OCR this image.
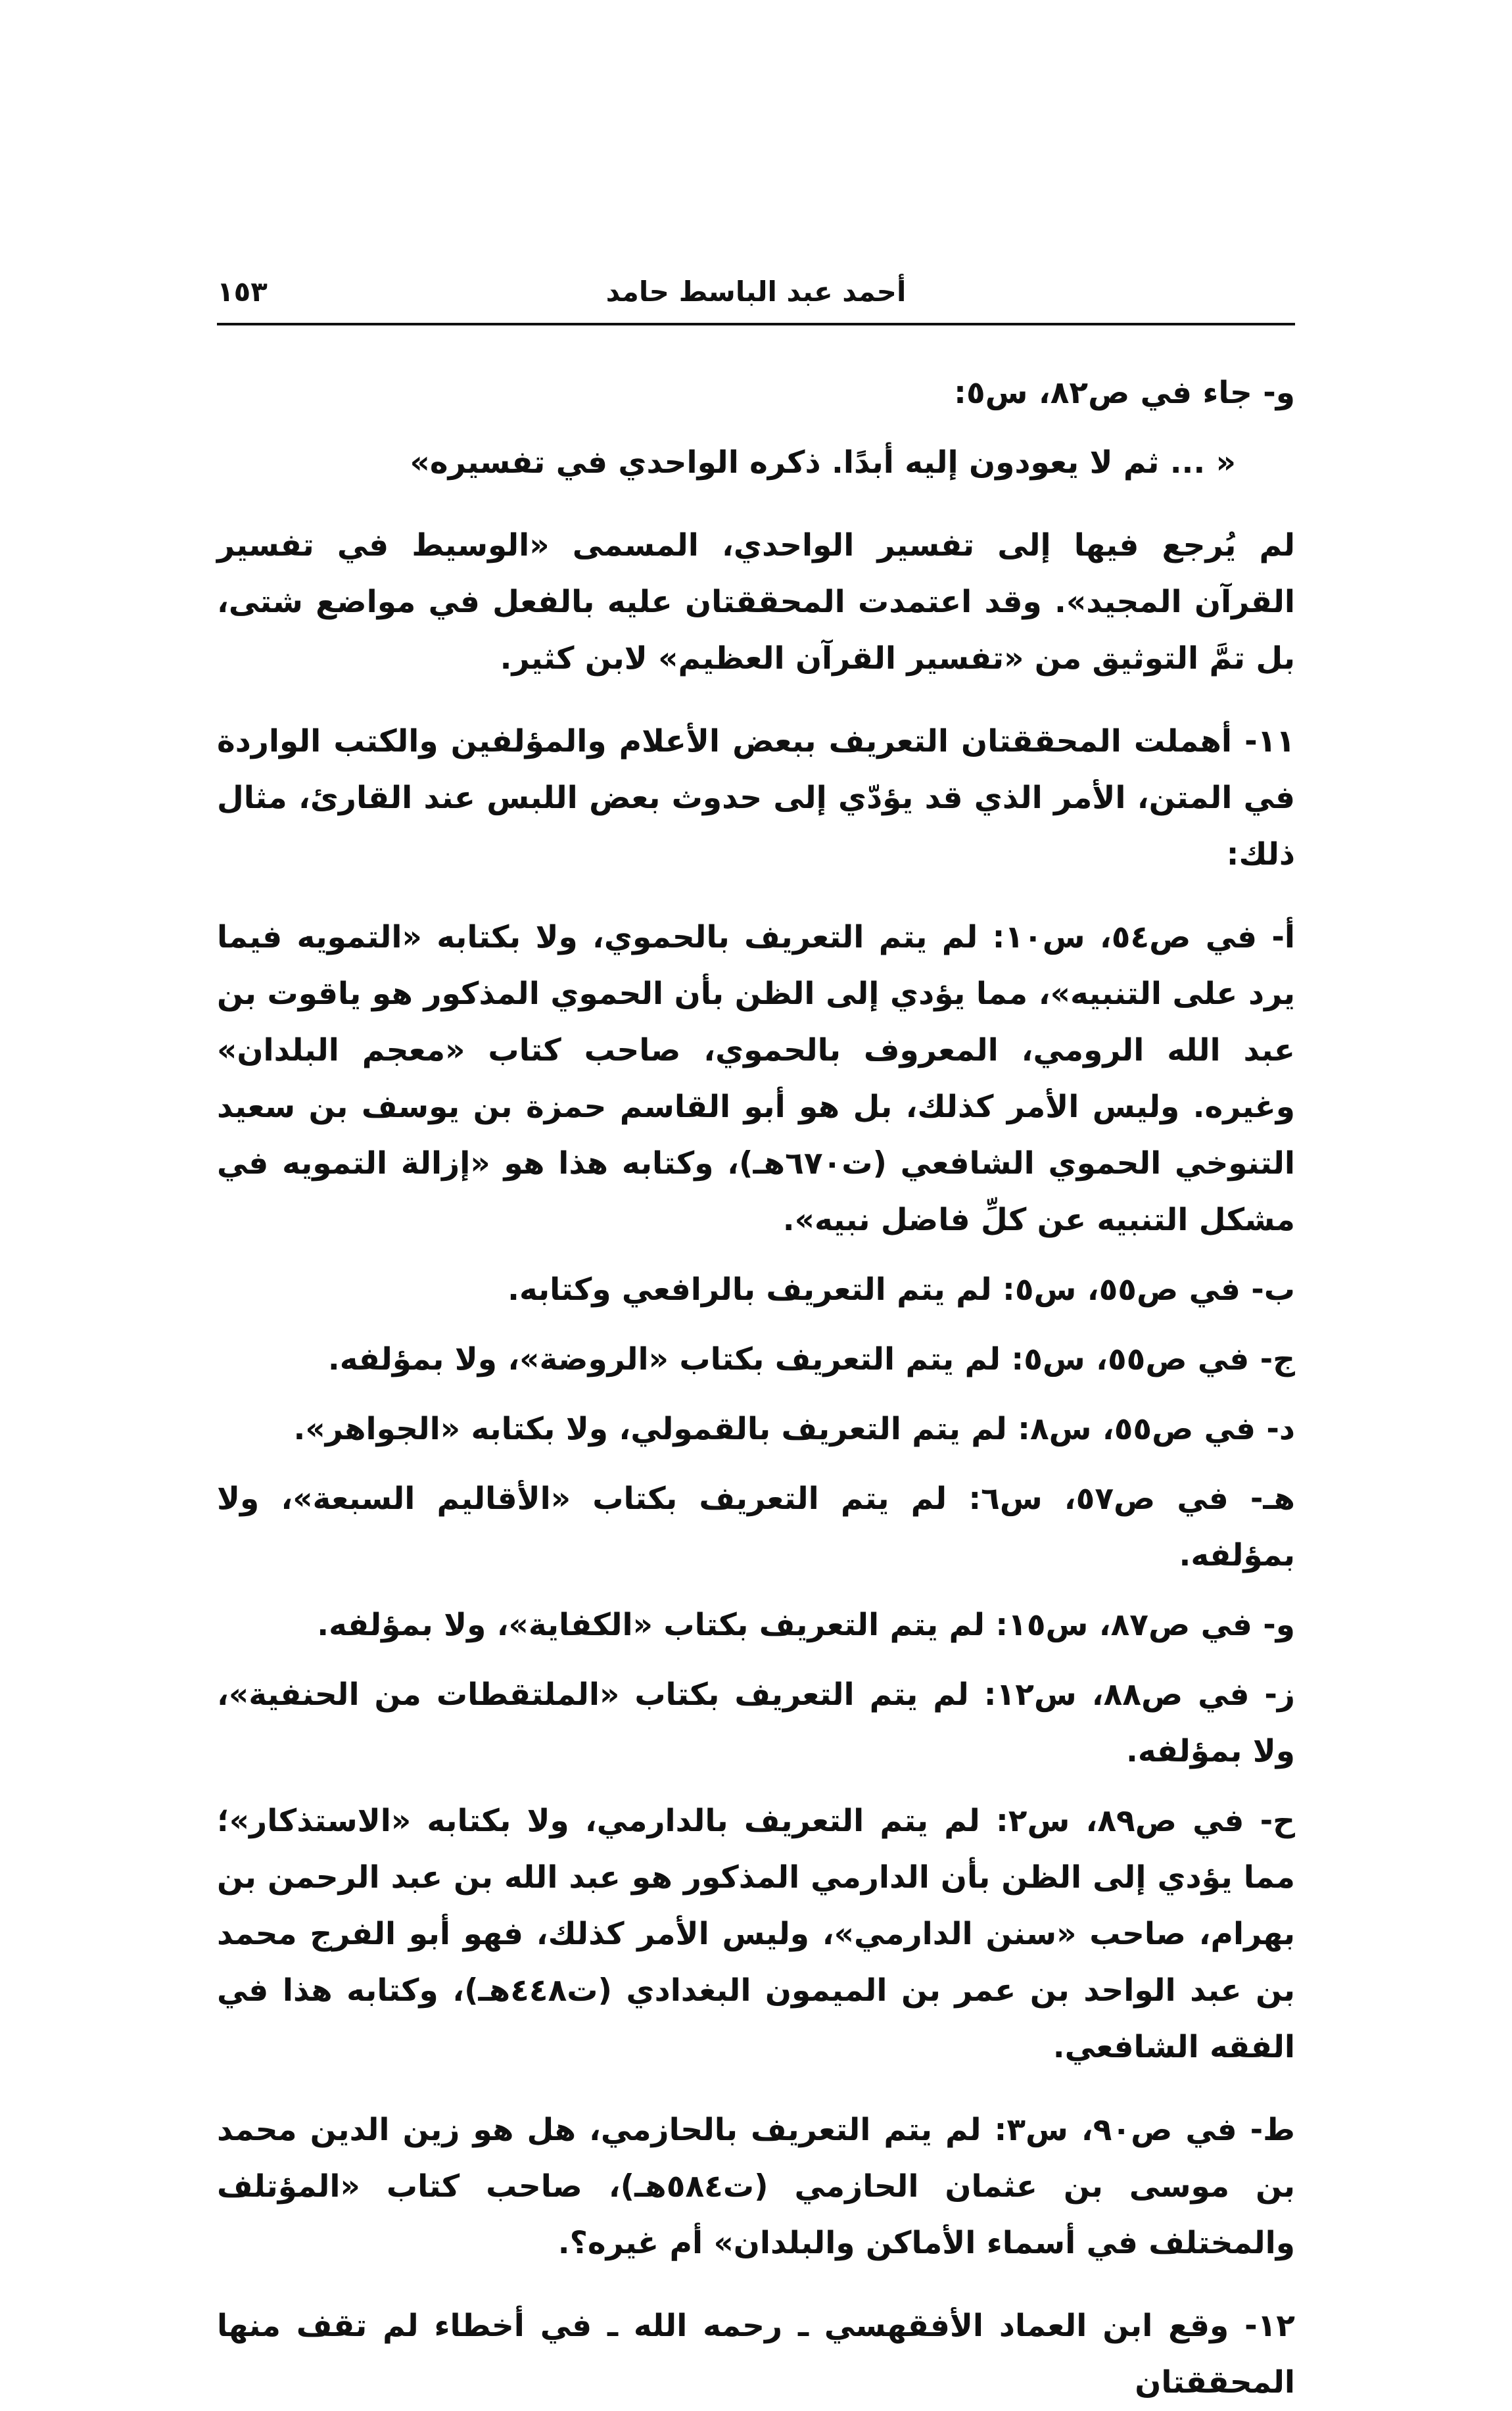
١٥٣	أحمد عبد الباسط حامد

و- جاء في ص٨٢، س٥:

« ... ثم لا يعودون إليه أبدًا. ذكره الواحدي في تفسيره»

لم يُرجع فيها إلى تفسير الواحدي، المسمى «الوسيط في تفسير القرآن المجيد». وقد اعتمدت المحققتان عليه بالفعل في مواضع شتى، بل تمَّ التوثيق من «تفسير القرآن العظيم» لابن كثير.

١١- أهملت المحققتان التعريف ببعض الأعلام والمؤلفين والكتب الواردة في المتن، الأمر الذي قد يؤدّي إلى حدوث بعض اللبس عند القارئ، مثال ذلك:

أ- في ص٥٤، س١٠: لم يتم التعريف بالحموي، ولا بكتابه «التمويه فيما يرد على التنبيه»، مما يؤدي إلى الظن بأن الحموي المذكور هو ياقوت بن عبد الله الرومي، المعروف بالحموي، صاحب كتاب «معجم البلدان» وغيره. وليس الأمر كذلك، بل هو أبو القاسم حمزة بن يوسف بن سعيد التنوخي الحموي الشافعي (ت٦٧٠هـ)، وكتابه هذا هو «إزالة التمويه في مشكل التنبيه عن كلِّ فاضل نبيه».

ب- في ص٥٥، س٥: لم يتم التعريف بالرافعي وكتابه.

ج- في ص٥٥، س٥: لم يتم التعريف بكتاب «الروضة»، ولا بمؤلفه.

د- في ص٥٥، س٨: لم يتم التعريف بالقمولي، ولا بكتابه «الجواهر».

هـ- في ص٥٧، س٦: لم يتم التعريف بكتاب «الأقاليم السبعة»، ولا بمؤلفه.

و- في ص٨٧، س١٥: لم يتم التعريف بكتاب «الكفاية»، ولا بمؤلفه.

ز- في ص٨٨، س١٢: لم يتم التعريف بكتاب «الملتقطات من الحنفية»، ولا بمؤلفه.

ح- في ص٨٩، س٢: لم يتم التعريف بالدارمي، ولا بكتابه «الاستذكار»؛ مما يؤدي إلى الظن بأن الدارمي المذكور هو عبد الله بن عبد الرحمن بن بهرام، صاحب «سنن الدارمي»، وليس الأمر كذلك، فهو أبو الفرج محمد بن عبد الواحد بن عمر بن الميمون البغدادي (ت٤٤٨هـ)، وكتابه هذا في الفقه الشافعي.

ط- في ص٩٠، س٣: لم يتم التعريف بالحازمي، هل هو زين الدين محمد بن موسى بن عثمان الحازمي (ت٥٨٤هـ)، صاحب كتاب «المؤتلف والمختلف في أسماء الأماكن والبلدان» أم غيره؟.

١٢- وقع ابن العماد الأفقهسي ـ رحمه الله ـ في أخطاء لم تقف منها المحققتان
